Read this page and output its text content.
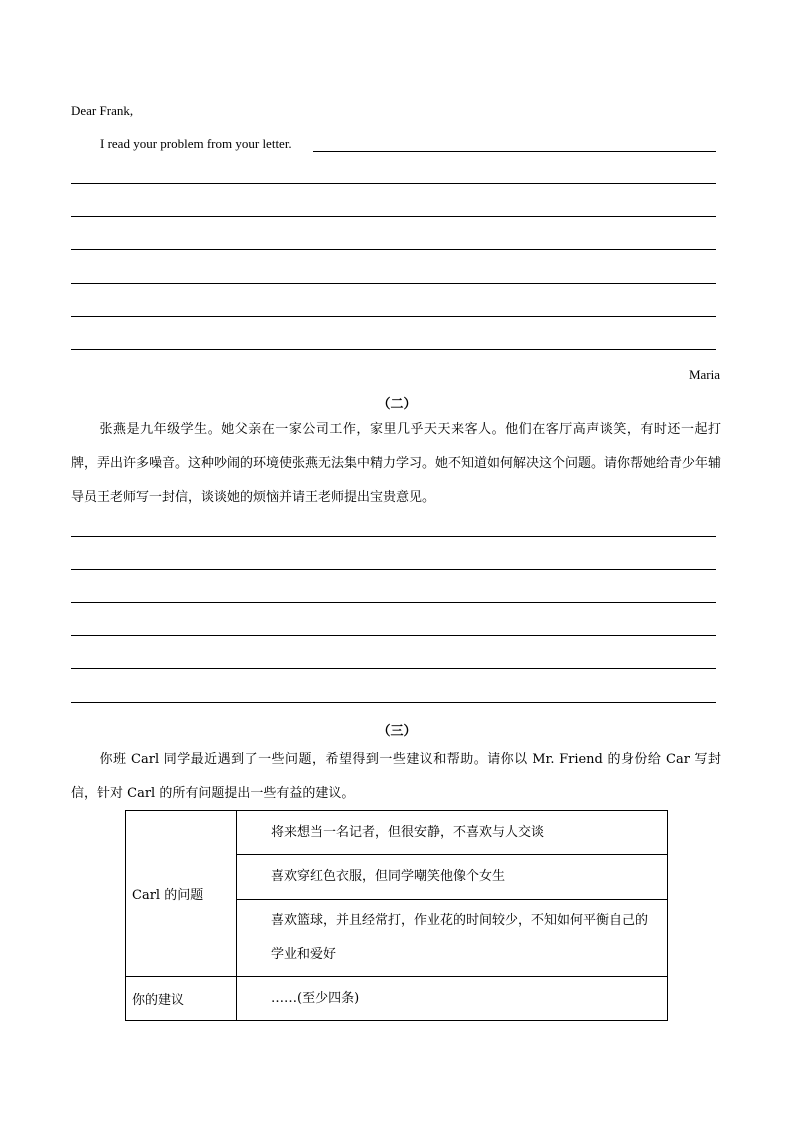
Dear Frank,
I read your problem from your letter.
Maria
（二）
张燕是九年级学生。她父亲在一家公司工作，家里几乎天天来客人。他们在客厅高声谈笑，有时还一起打牌，弄出许多噪音。这种吵闹的环境使张燕无法集中精力学习。她不知道如何解决这个问题。请你帮她给青少年辅导员王老师写一封信，谈谈她的烦恼并请王老师提出宝贵意见。
（三）
你班 Carl 同学最近遇到了一些问题，希望得到一些建议和帮助。请你以 Mr. Friend 的身份给 Car 写封信，针对 Carl 的所有问题提出一些有益的建议。
Carl 的问题	将来想当一名记者，但很安静，不喜欢与人交谈
	喜欢穿红色衣服，但同学嘲笑他像个女生
	喜欢篮球，并且经常打，作业花的时间较少，不知如何平衡自己的学业和爱好
你的建议	……(至少四条)
